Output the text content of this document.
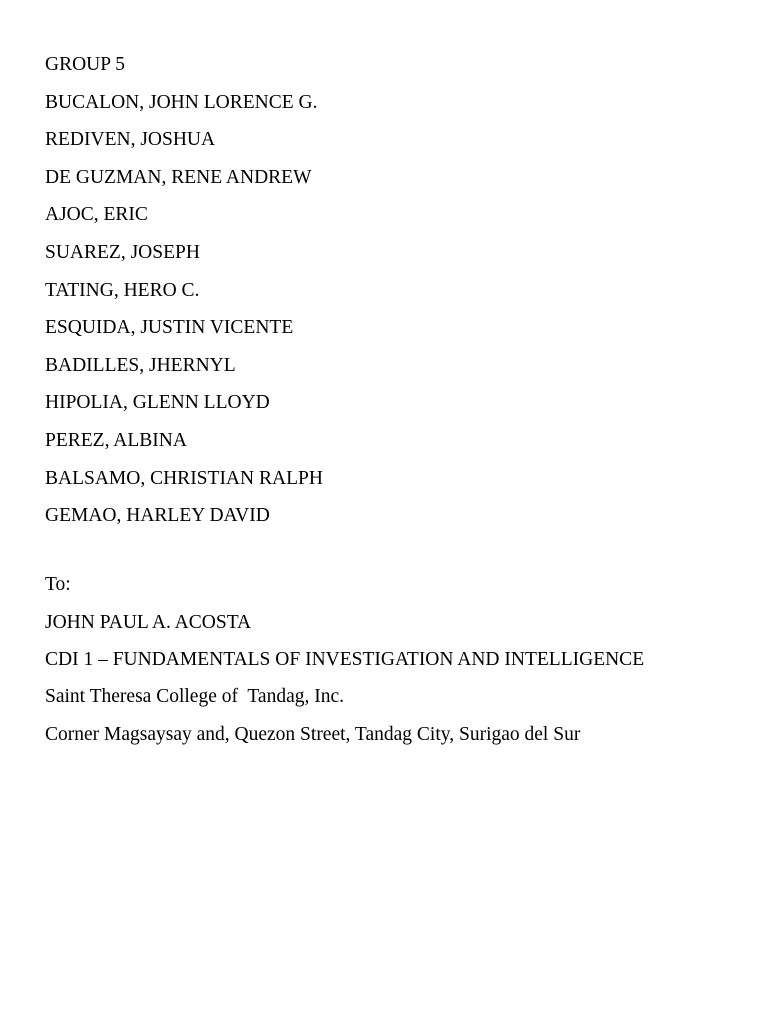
GROUP 5

BUCALON, JOHN LORENCE G.

REDIVEN, JOSHUA

DE GUZMAN, RENE ANDREW

AJOC, ERIC

SUAREZ, JOSEPH

TATING, HERO C.

ESQUIDA, JUSTIN VICENTE

BADILLES, JHERNYL

HIPOLIA, GLENN LLOYD

PEREZ, ALBINA

BALSAMO, CHRISTIAN RALPH

GEMAO, HARLEY DAVID

To:

JOHN PAUL A. ACOSTA

CDI 1 – FUNDAMENTALS OF INVESTIGATION AND INTELLIGENCE

Saint Theresa College of  Tandag, Inc.

Corner Magsaysay and, Quezon Street, Tandag City, Surigao del Sur
